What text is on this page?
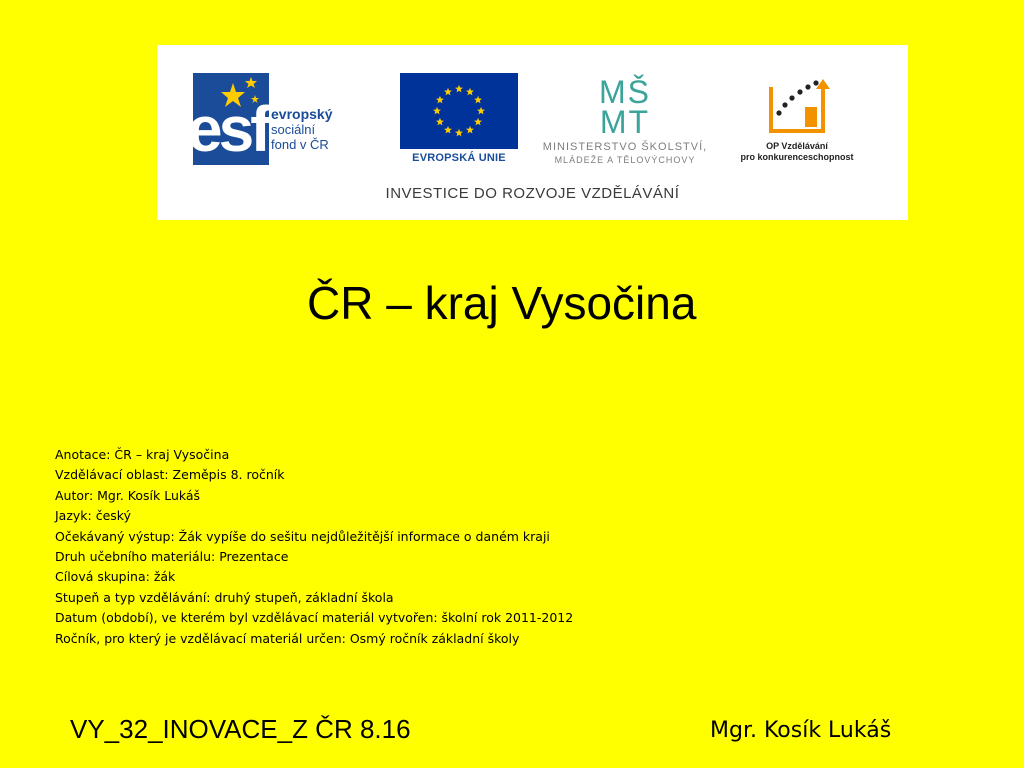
esf evropský
sociální
fond v ČR
EVROPSKÁ UNIE
MŠ
MT
MINISTERSTVO ŠKOLSTVÍ,
MLÁDEŽE A TĚLOVÝCHOVY
OP Vzdělávání
pro konkurenceschopnost
INVESTICE DO ROZVOJE VZDĚLÁVÁNÍ
ČR – kraj Vysočina
Anotace: ČR – kraj Vysočina
Vzdělávací oblast: Zeměpis 8. ročník
Autor: Mgr. Kosík Lukáš
Jazyk: český
Očekávaný výstup: Žák vypíše do sešitu nejdůležitější informace o daném kraji
Druh učebního materiálu: Prezentace
Cílová skupina: žák
Stupeň a typ vzdělávání: druhý stupeň, základní škola
Datum (období), ve kterém byl vzdělávací materiál vytvořen: školní rok 2011-2012
Ročník, pro který je vzdělávací materiál určen: Osmý ročník základní školy
VY_32_INOVACE_Z ČR 8.16	Mgr. Kosík Lukáš
